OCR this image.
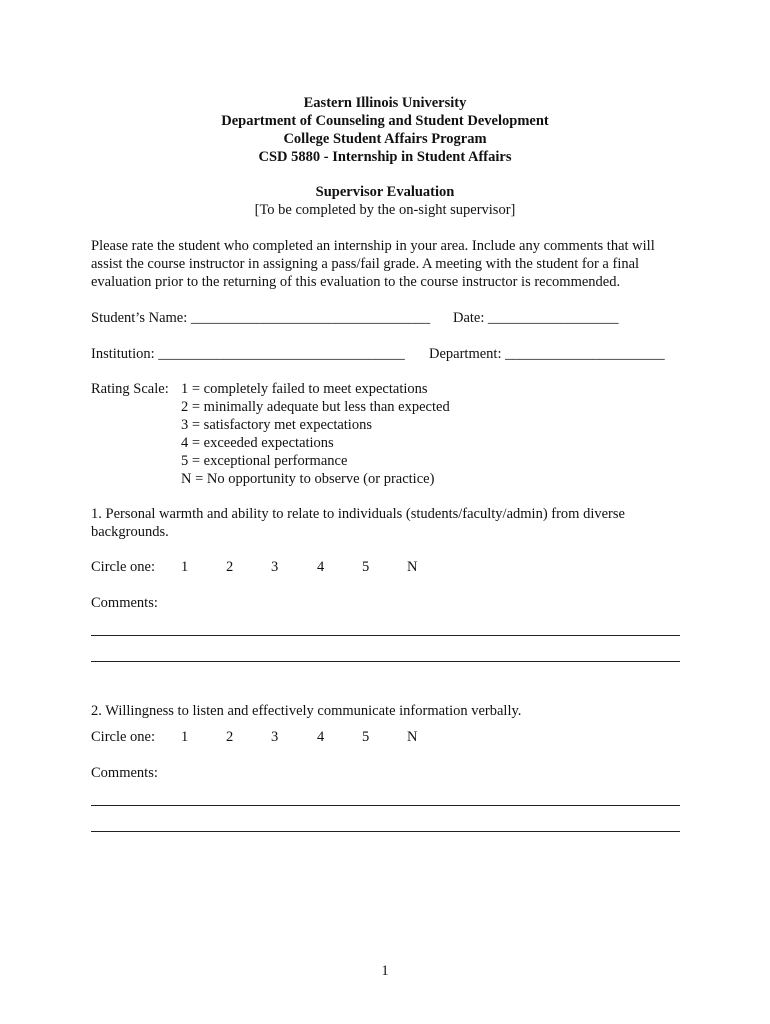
Eastern Illinois University
Department of Counseling and Student Development
College Student Affairs Program
CSD 5880 - Internship in Student Affairs
Supervisor Evaluation
[To be completed by the on-sight supervisor]
Please rate the student who completed an internship in your area. Include any comments that will
assist the course instructor in assigning a pass/fail grade. A meeting with the student for a final
evaluation prior to the returning of this evaluation to the course instructor is recommended.
Student’s Name: _________________________________ Date: __________________
Institution: __________________________________ Department: ______________________
Rating Scale: 1 = completely failed to meet expectations
2 = minimally adequate but less than expected
3 = satisfactory met expectations
4 = exceeded expectations
5 = exceptional performance
N = No opportunity to observe (or practice)
1. Personal warmth and ability to relate to individuals (students/faculty/admin) from diverse
backgrounds.
Circle one: 1	2	3	4	5	N
Comments:
2. Willingness to listen and effectively communicate information verbally.
Circle one: 1	2	3	4	5	N
Comments:
1
